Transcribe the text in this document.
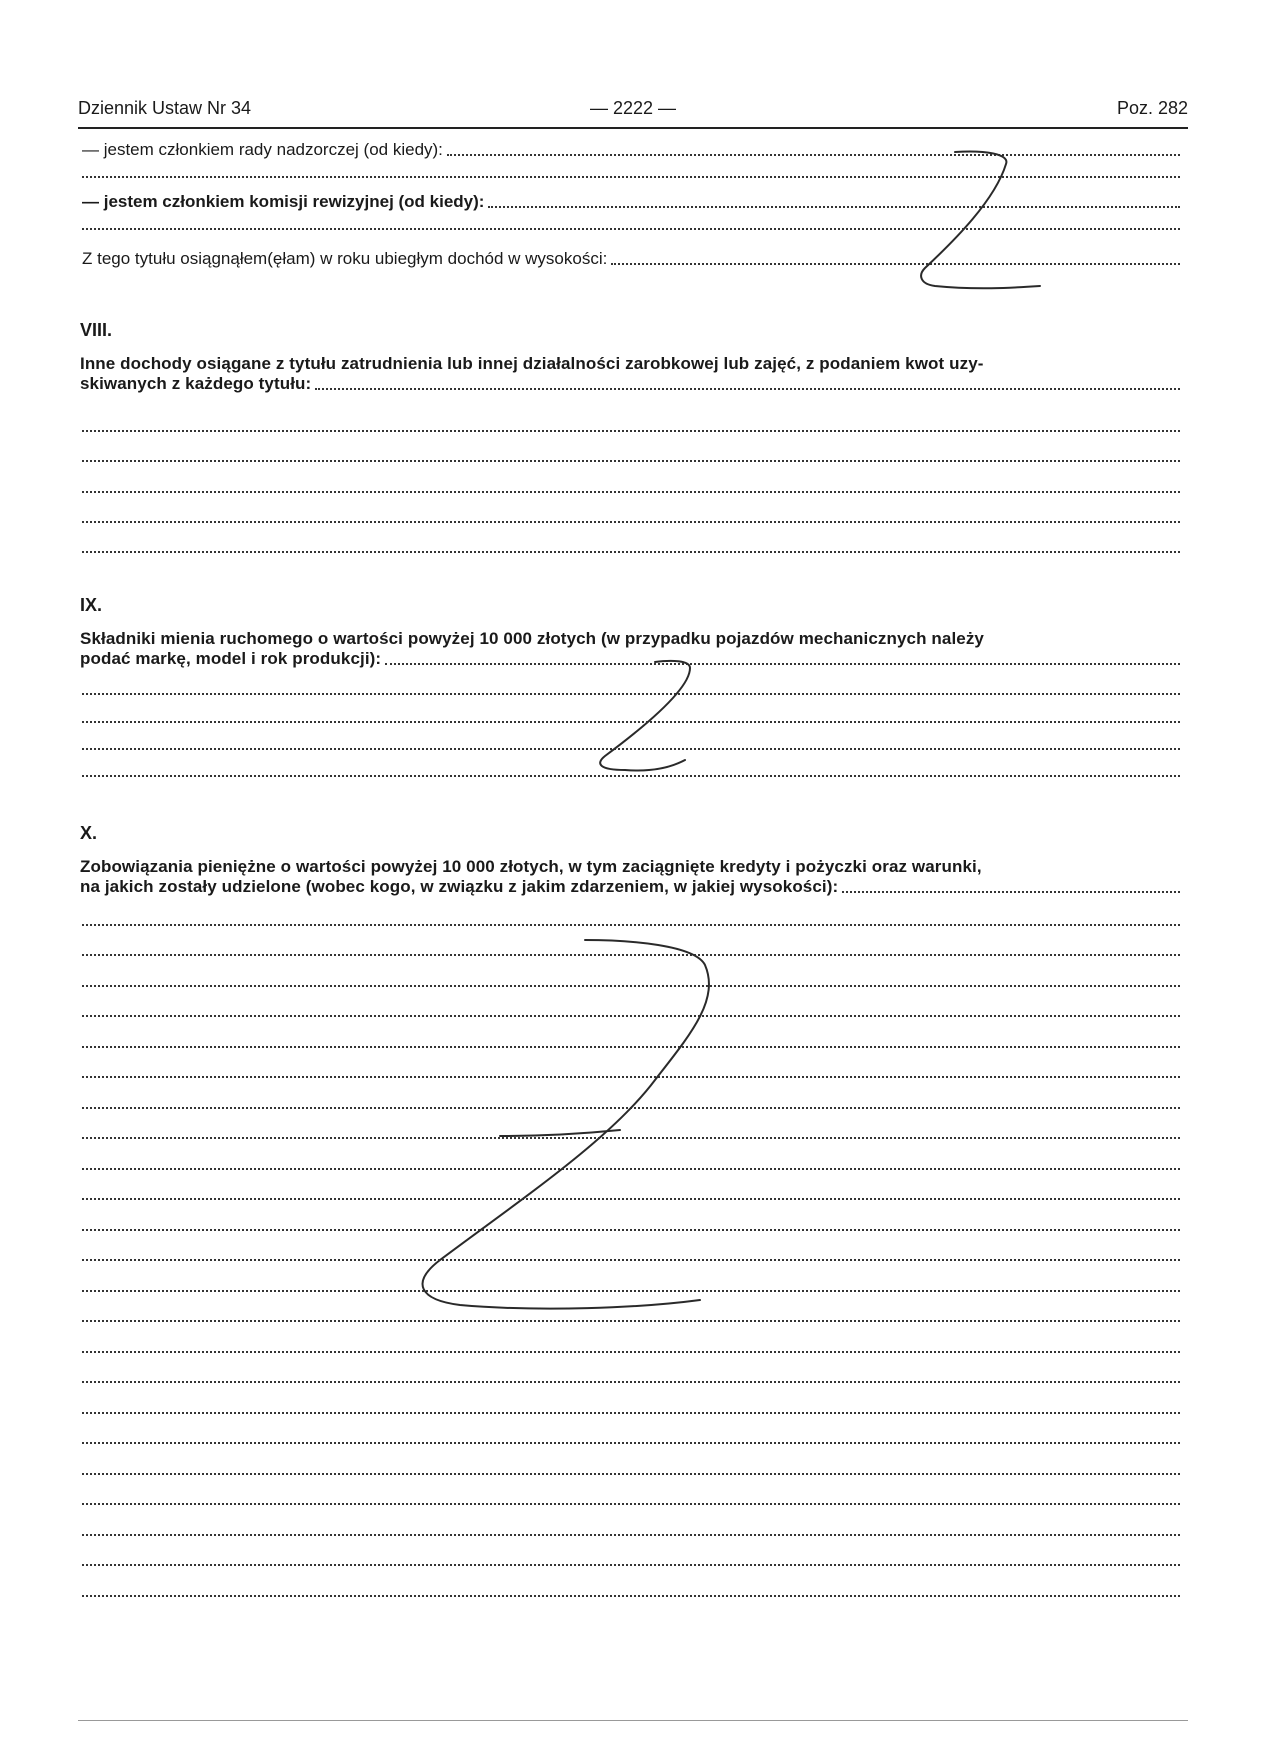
Dziennik Ustaw Nr 34	— 2222 —	Poz. 282
— jestem członkiem rady nadzorczej (od kiedy):
— jestem członkiem komisji rewizyjnej (od kiedy):
Z tego tytułu osiągnąłem(ęłam) w roku ubiegłym dochód w wysokości:
VIII.
Inne dochody osiągane z tytułu zatrudnienia lub innej działalności zarobkowej lub zajęć, z podaniem kwot uzy-
skiwanych z każdego tytułu:
IX.
Składniki mienia ruchomego o wartości powyżej 10 000 złotych (w przypadku pojazdów mechanicznych należy
podać markę, model i rok produkcji):
X.
Zobowiązania pieniężne o wartości powyżej 10 000 złotych, w tym zaciągnięte kredyty i pożyczki oraz warunki,
na jakich zostały udzielone (wobec kogo, w związku z jakim zdarzeniem, w jakiej wysokości):
